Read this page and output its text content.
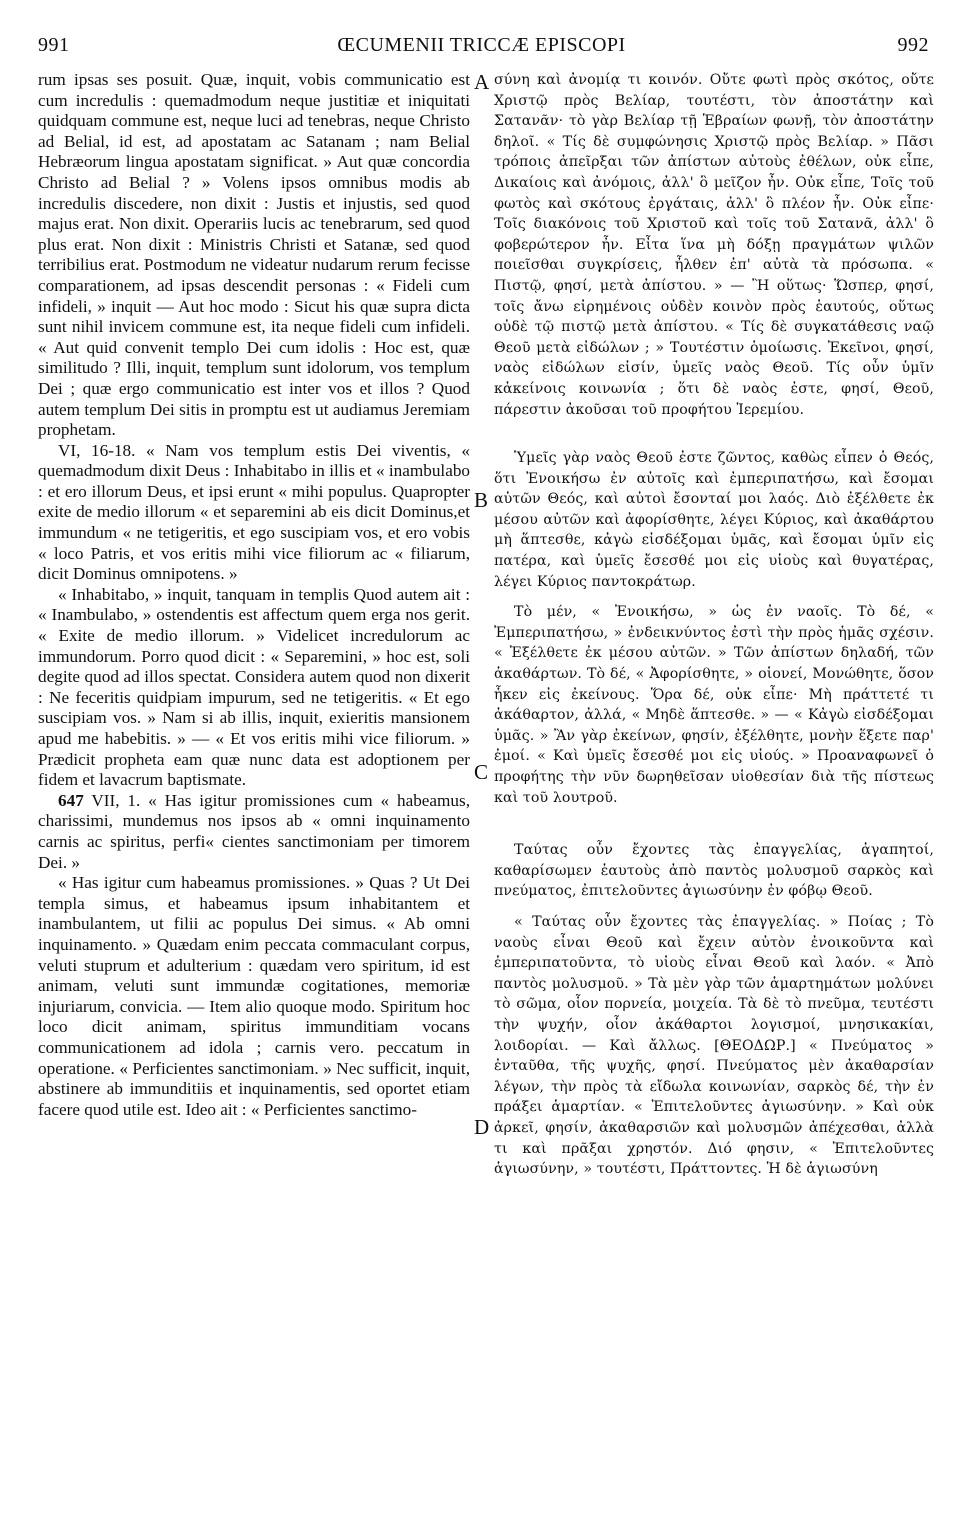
991	ŒCUMENII TRICCÆ EPISCOPI	992
A
B
C
D

rum ipsas ses posuit. Quæ, inquit, vobis communicatio est cum incredulis : quemadmodum neque justitiæ et iniquitati quidquam commune est, neque luci ad tenebras, neque Christo ad Belial, id est, ad apostatam ac Satanam ; nam Belial Hebræorum lingua apostatam significat. » Aut quæ concordia Christo ad Belial ? » Volens ipsos omnibus modis ab incredulis discedere, non dixit : Justis et injustis, sed quod majus erat. Non dixit. Operariis lucis ac tenebrarum, sed quod plus erat. Non dixit : Ministris Christi et Satanæ, sed quod terribilius erat. Postmodum ne videatur nudarum rerum fecisse comparationem, ad ipsas descendit personas : « Fideli cum infideli, » inquit — Aut hoc modo : Sicut his quæ supra dicta sunt nihil invicem commune est, ita neque fideli cum infideli. « Aut quid convenit templo Dei cum idolis : Hoc est, quæ similitudo ? Illi, inquit, templum sunt idolorum, vos templum Dei ; quæ ergo communicatio est inter vos et illos ? Quod autem templum Dei sitis in promptu est ut audiamus Jeremiam prophetam.

VI, 16-18. « Nam vos templum estis Dei viventis, « quemadmodum dixit Deus : Inhabitabo in illis et « inambulabo : et ero illorum Deus, et ipsi erunt « mihi populus. Quapropter exite de medio illorum « et separemini ab eis dicit Dominus,et immundum « ne tetigeritis, et ego suscipiam vos, et ero vobis « loco Patris, et vos eritis mihi vice filiorum ac « filiarum, dicit Dominus omnipotens. »

« Inhabitabo, » inquit, tanquam in templis Quod autem ait : « Inambulabo, » ostendentis est affectum quem erga nos gerit. « Exite de medio illorum. » Videlicet incredulorum ac immundorum. Porro quod dicit : « Separemini, » hoc est, soli degite quod ad illos spectat. Considera autem quod non dixerit : Ne feceritis quidpiam impurum, sed ne tetigeritis. « Et ego suscipiam vos. » Nam si ab illis, inquit, exieritis mansionem apud me habebitis. » — « Et vos eritis mihi vice filiorum. » Prædicit propheta eam quæ nunc data est adoptionem per fidem et lavacrum baptismate.

647 VII, 1. « Has igitur promissiones cum « habeamus, charissimi, mundemus nos ipsos ab « omni inquinamento carnis ac spiritus, perfi« cientes sanctimoniam per timorem Dei. »

« Has igitur cum habeamus promissiones. » Quas ? Ut Dei templa simus, et habeamus ipsum inhabitantem et inambulantem, ut filii ac populus Dei simus. « Ab omni inquinamento. » Quædam enim peccata commaculant corpus, veluti stuprum et adulterium : quædam vero spiritum, id est animam, veluti sunt immundæ cogitationes, memoriæ injuriarum, convicia. — Item alio quoque modo. Spiritum hoc loco dicit animam, spiritus immunditiam vocans communicationem ad idola ; carnis vero. peccatum in operatione. « Perficientes sanctimoniam. » Nec sufficit, inquit, abstinere ab immunditiis et inquinamentis, sed oportet etiam facere quod utile est. Ideo ait : « Perficientes sanctimo-

σύνη καὶ ἀνομίᾳ τι κοινόν. Οὔτε φωτὶ πρὸς σκότος, οὔτε Χριστῷ πρὸς Βελίαρ, τουτέστι, τὸν ἀποστάτην καὶ Σατανᾶν· τὸ γὰρ Βελίαρ τῇ Ἑβραίων φωνῇ, τὸν ἀποστάτην δηλοῖ. « Τίς δὲ συμφώνησις Χριστῷ πρὸς Βελίαρ. » Πᾶσι τρόποις ἀπεῖρξαι τῶν ἀπίστων αὐτοὺς ἐθέλων, οὐκ εἶπε, Δικαίοις καὶ ἀνόμοις, ἀλλ' ὃ μεῖζον ἦν. Οὐκ εἶπε, Τοῖς τοῦ φωτὸς καὶ σκότους ἐργάταις, ἀλλ' ὃ πλέον ἦν. Οὐκ εἶπε· Τοῖς διακόνοις τοῦ Χριστοῦ καὶ τοῖς τοῦ Σατανᾶ, ἀλλ' ὃ φοβερώτερον ἦν. Εἶτα ἵνα μὴ δόξῃ πραγμάτων ψιλῶν ποιεῖσθαι συγκρίσεις, ἦλθεν ἐπ' αὐτὰ τὰ πρόσωπα. « Πιστῷ, φησί, μετὰ ἀπίστου. » — Ἢ οὕτως· Ὥσπερ, φησί, τοῖς ἄνω εἰρημένοις οὐδὲν κοινὸν πρὸς ἑαυτούς, οὕτως οὐδὲ τῷ πιστῷ μετὰ ἀπίστου. « Τίς δὲ συγκατάθεσις ναῷ Θεοῦ μετὰ εἰδώλων ; » Τουτέστιν ὁμοίωσις. Ἐκεῖνοι, φησί, ναὸς εἰδώλων εἰσίν, ὑμεῖς ναὸς Θεοῦ. Τίς οὖν ὑμῖν κἀκείνοις κοινωνία ; ὅτι δὲ ναὸς ἐστε, φησί, Θεοῦ, πάρεστιν ἀκοῦσαι τοῦ προφήτου Ἱερεμίου.

Ὑμεῖς γὰρ ναὸς Θεοῦ ἐστε ζῶντος, καθὼς εἶπεν ὁ Θεός, ὅτι Ἐνοικήσω ἐν αὐτοῖς καὶ ἐμπεριπατήσω, καὶ ἔσομαι αὐτῶν Θεός, καὶ αὐτοὶ ἔσονταί μοι λαός. Διὸ ἐξέλθετε ἐκ μέσου αὐτῶν καὶ ἀφορίσθητε, λέγει Κύριος, καὶ ἀκαθάρτου μὴ ἅπτεσθε, κἀγὼ εἰσδέξομαι ὑμᾶς, καὶ ἔσομαι ὑμῖν εἰς πατέρα, καὶ ὑμεῖς ἔσεσθέ μοι εἰς υἱοὺς καὶ θυγατέρας, λέγει Κύριος παντοκράτωρ.

Τὸ μέν, « Ἐνοικήσω, » ὡς ἐν ναοῖς. Τὸ δέ, « Ἐμπεριπατήσω, » ἐνδεικνύντος ἐστὶ τὴν πρὸς ἡμᾶς σχέσιν. « Ἐξέλθετε ἐκ μέσου αὐτῶν. » Τῶν ἀπίστων δηλαδή, τῶν ἀκαθάρτων. Τὸ δέ, « Ἀφορίσθητε, » οἱονεί, Μονώθητε, ὅσον ἧκεν εἰς ἐκείνους. Ὅρα δέ, οὐκ εἶπε· Μὴ πράττετέ τι ἀκάθαρτον, ἀλλά, « Μηδὲ ἅπτεσθε. » — « Κἀγὼ εἰσδέξομαι ὑμᾶς. » Ἂν γὰρ ἐκείνων, φησίν, ἐξέλθητε, μονὴν ἕξετε παρ' ἐμοί. « Καὶ ὑμεῖς ἔσεσθέ μοι εἰς υἱούς. » Προαναφωνεῖ ὁ προφήτης τὴν νῦν δωρηθεῖσαν υἱοθεσίαν διὰ τῆς πίστεως καὶ τοῦ λουτροῦ.

Ταύτας οὖν ἔχοντες τὰς ἐπαγγελίας, ἀγαπητοί, καθαρίσωμεν ἑαυτοὺς ἀπὸ παντὸς μολυσμοῦ σαρκὸς καὶ πνεύματος, ἐπιτελοῦντες ἁγιωσύνην ἐν φόβῳ Θεοῦ.

« Ταύτας οὖν ἔχοντες τὰς ἐπαγγελίας. » Ποίας ; Τὸ ναοὺς εἶναι Θεοῦ καὶ ἔχειν αὐτὸν ἐνοικοῦντα καὶ ἐμπεριπατοῦντα, τὸ υἱοὺς εἶναι Θεοῦ καὶ λαόν. « Ἀπὸ παντὸς μολυσμοῦ. » Τὰ μὲν γὰρ τῶν ἁμαρτημάτων μολύνει τὸ σῶμα, οἷον πορνεία, μοιχεία. Τὰ δὲ τὸ πνεῦμα, τευτέστι τὴν ψυχήν, οἷον ἀκάθαρτοι λογισμοί, μνησικακίαι, λοιδορίαι. — Καὶ ἄλλως. [ΘΕΟΔΩΡ.] « Πνεύματος » ἐνταῦθα, τῆς ψυχῆς, φησί. Πνεύματος μὲν ἀκαθαρσίαν λέγων, τὴν πρὸς τὰ εἴδωλα κοινωνίαν, σαρκὸς δέ, τὴν ἐν πράξει ἁμαρτίαν. « Ἐπιτελοῦντες ἁγιωσύνην. » Καὶ οὐκ ἀρκεῖ, φησίν, ἀκαθαρσιῶν καὶ μολυσμῶν ἀπέχεσθαι, ἀλλὰ τι καὶ πρᾶξαι χρηστόν. Διό φησιν, « Ἐπιτελοῦντες ἁγιωσύνην, » τουτέστι, Πράττοντες. Ἡ δὲ ἁγιωσύνη
